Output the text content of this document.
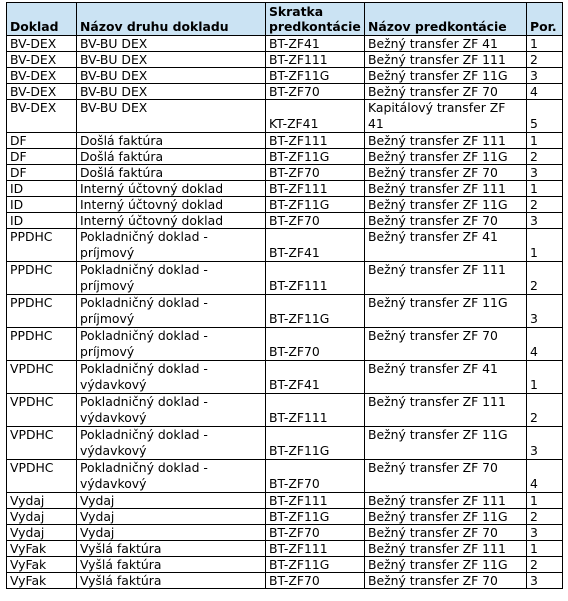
Doklad	Názov druhu dokladu	Skratka predkontácie	Názov predkontácie	Por.
BV-DEX	BV-BU DEX	BT-ZF41	Bežný transfer ZF 41	1
BV-DEX	BV-BU DEX	BT-ZF111	Bežný transfer ZF 111	2
BV-DEX	BV-BU DEX	BT-ZF11G	Bežný transfer ZF 11G	3
BV-DEX	BV-BU DEX	BT-ZF70	Bežný transfer ZF 70	4
BV-DEX	BV-BU DEX	KT-ZF41	Kapitálový transfer ZF 41	5
DF	Došlá faktúra	BT-ZF111	Bežný transfer ZF 111	1
DF	Došlá faktúra	BT-ZF11G	Bežný transfer ZF 11G	2
DF	Došlá faktúra	BT-ZF70	Bežný transfer ZF 70	3
ID	Interný účtovný doklad	BT-ZF111	Bežný transfer ZF 111	1
ID	Interný účtovný doklad	BT-ZF11G	Bežný transfer ZF 11G	2
ID	Interný účtovný doklad	BT-ZF70	Bežný transfer ZF 70	3
PPDHC	Pokladničný doklad - príjmový	BT-ZF41	Bežný transfer ZF 41	1
PPDHC	Pokladničný doklad - príjmový	BT-ZF111	Bežný transfer ZF 111	2
PPDHC	Pokladničný doklad - príjmový	BT-ZF11G	Bežný transfer ZF 11G	3
PPDHC	Pokladničný doklad - príjmový	BT-ZF70	Bežný transfer ZF 70	4
VPDHC	Pokladničný doklad - výdavkový	BT-ZF41	Bežný transfer ZF 41	1
VPDHC	Pokladničný doklad - výdavkový	BT-ZF111	Bežný transfer ZF 111	2
VPDHC	Pokladničný doklad - výdavkový	BT-ZF11G	Bežný transfer ZF 11G	3
VPDHC	Pokladničný doklad - výdavkový	BT-ZF70	Bežný transfer ZF 70	4
Vydaj	Vydaj	BT-ZF111	Bežný transfer ZF 111	1
Vydaj	Vydaj	BT-ZF11G	Bežný transfer ZF 11G	2
Vydaj	Vydaj	BT-ZF70	Bežný transfer ZF 70	3
VyFak	Vyšlá faktúra	BT-ZF111	Bežný transfer ZF 111	1
VyFak	Vyšlá faktúra	BT-ZF11G	Bežný transfer ZF 11G	2
VyFak	Vyšlá faktúra	BT-ZF70	Bežný transfer ZF 70	3
